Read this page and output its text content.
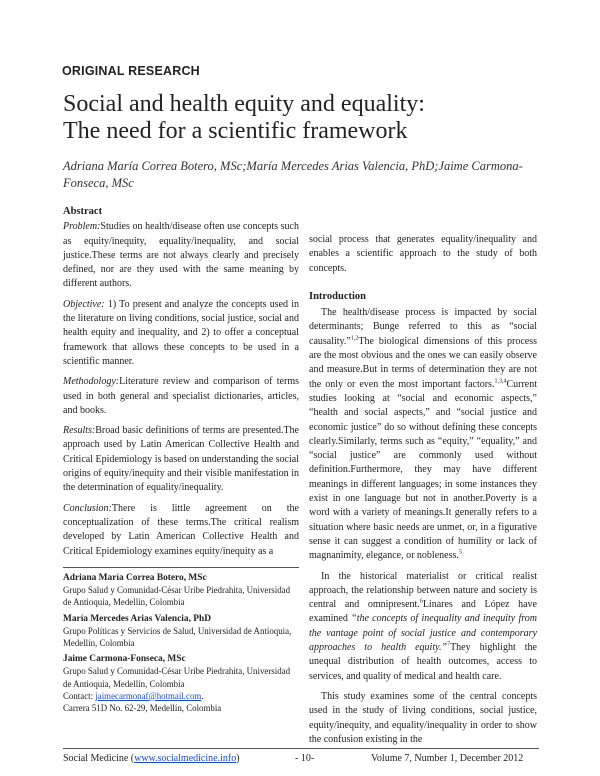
ORIGINAL RESEARCH
Social and health equity and equality:
The need for a scientific framework
Adriana María Correa Botero, MSc;María Mercedes Arias Valencia, PhD;Jaime Carmona-Fonseca, MSc
Abstract

Problem:Studies on health/disease often use concepts such as equity/inequity, equality/inequality, and social justice.These terms are not always clearly and precisely defined, nor are they used with the same meaning by different authors.

Objective: 1) To present and analyze the concepts used in the literature on living conditions, social justice, social and health equity and inequality, and 2) to offer a conceptual framework that allows these concepts to be used in a scientific manner.

Methodology:Literature review and comparison of terms used in both general and specialist dictionaries, articles, and books.

Results:Broad basic definitions of terms are presented.The approach used by Latin American Collective Health and Critical Epidemiology is based on understanding the social origins of equity/inequity and their visible manifestation in the determination of equality/inequality.

Conclusion:There is little agreement on the conceptualization of these terms.The critical realism developed by Latin American Collective Health and Critical Epidemiology examines equity/inequity as a

Adriana María Correa Botero, MSc
Grupo Salud y Comunidad-César Uribe Piedrahita, Universidad de Antioquia, Medellín, Colombia
María Mercedes Arias Valencia, PhD
Grupo Políticas y Servicios de Salud, Universidad de Antioquia, Medellín, Colombia
Jaime Carmona-Fonseca, MSc
Grupo Salud y Comunidad-César Uribe Piedrahita, Universidad de Antioquia, Medellín, Colombia
Contact: jaimecarmonaf@hotmail.com.
Carrera 51D No. 62-29, Medellín, Colombia

social process that generates equality/inequality and enables a scientific approach to the study of both concepts.

Introduction

The health/disease process is impacted by social determinants; Bunge referred to this as “social causality.”$^{1,2}$The biological dimensions of this process are the most obvious and the ones we can easily observe and measure.But in terms of determination they are not the only or even the most important factors.$^{1,3,4}$Current studies looking at “social and economic aspects,” “health and social aspects,” and “social justice and economic justice” do so without defining these concepts clearly.Similarly, terms such as “equity,” “equality,” and “social justice” are commonly used without definition.Furthermore, they may have different meanings in different languages; in some instances they exist in one language but not in another.Poverty is a word with a variety of meanings.It generally refers to a situation where basic needs are unmet, or, in a figurative sense it can suggest a condition of humility or lack of magnanimity, elegance, or nobleness.$^5$

In the historical materialist or critical realist approach, the relationship between nature and society is central and omnipresent.$^6$Linares and López have examined “the concepts of inequality and inequity from the vantage point of social justice and contemporary approaches to health equity.”$^7$They highlight the unequal distribution of health outcomes, access to services, and quality of medical and health care.

This study examines some of the central concepts used in the study of living conditions, social justice, equity/inequity, and equality/inequality in order to show the confusion existing in the

Social Medicine (www.socialmedicine.info)	- 10-	Volume 7, Number 1, December 2012
